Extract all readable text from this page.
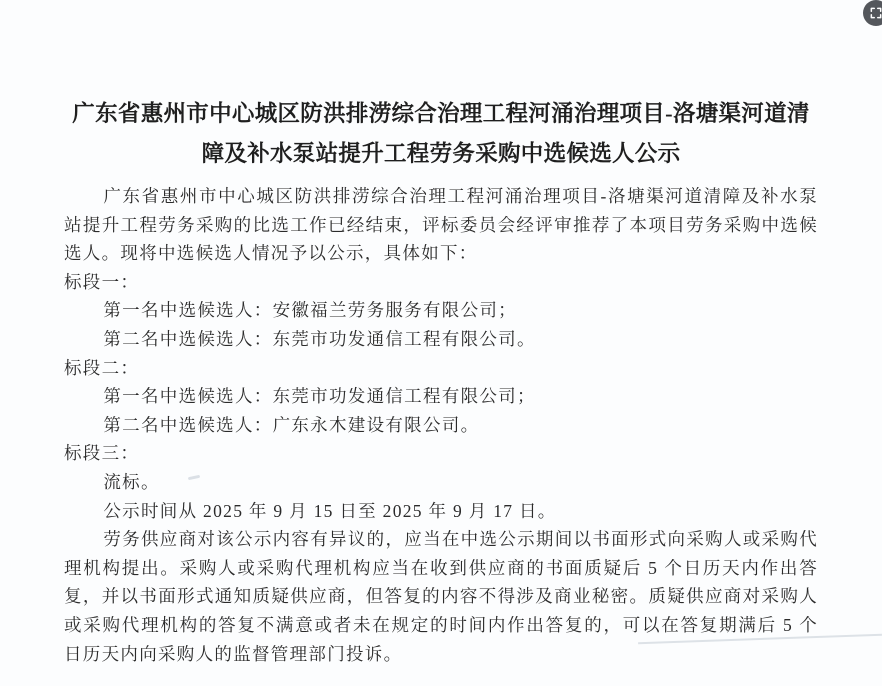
广东省惠州市中心城区防洪排涝综合治理工程河涌治理项目-洛塘渠河道清障及补水泵站提升工程劳务采购中选候选人公示

广东省惠州市中心城区防洪排涝综合治理工程河涌治理项目-洛塘渠河道清障及补水泵站提升工程劳务采购的比选工作已经结束，评标委员会经评审推荐了本项目劳务采购中选候选人。现将中选候选人情况予以公示，具体如下：

标段一：

第一名中选候选人：安徽福兰劳务服务有限公司；

第二名中选候选人：东莞市功发通信工程有限公司。

标段二：

第一名中选候选人：东莞市功发通信工程有限公司；

第二名中选候选人：广东永木建设有限公司。

标段三：

流标。

公示时间从 2025 年 9 月 15 日至 2025 年 9 月 17 日。

劳务供应商对该公示内容有异议的，应当在中选公示期间以书面形式向采购人或采购代理机构提出。采购人或采购代理机构应当在收到供应商的书面质疑后 5 个日历天内作出答复，并以书面形式通知质疑供应商，但答复的内容不得涉及商业秘密。质疑供应商对采购人或采购代理机构的答复不满意或者未在规定的时间内作出答复的，可以在答复期满后 5 个日历天内向采购人的监督管理部门投诉。
